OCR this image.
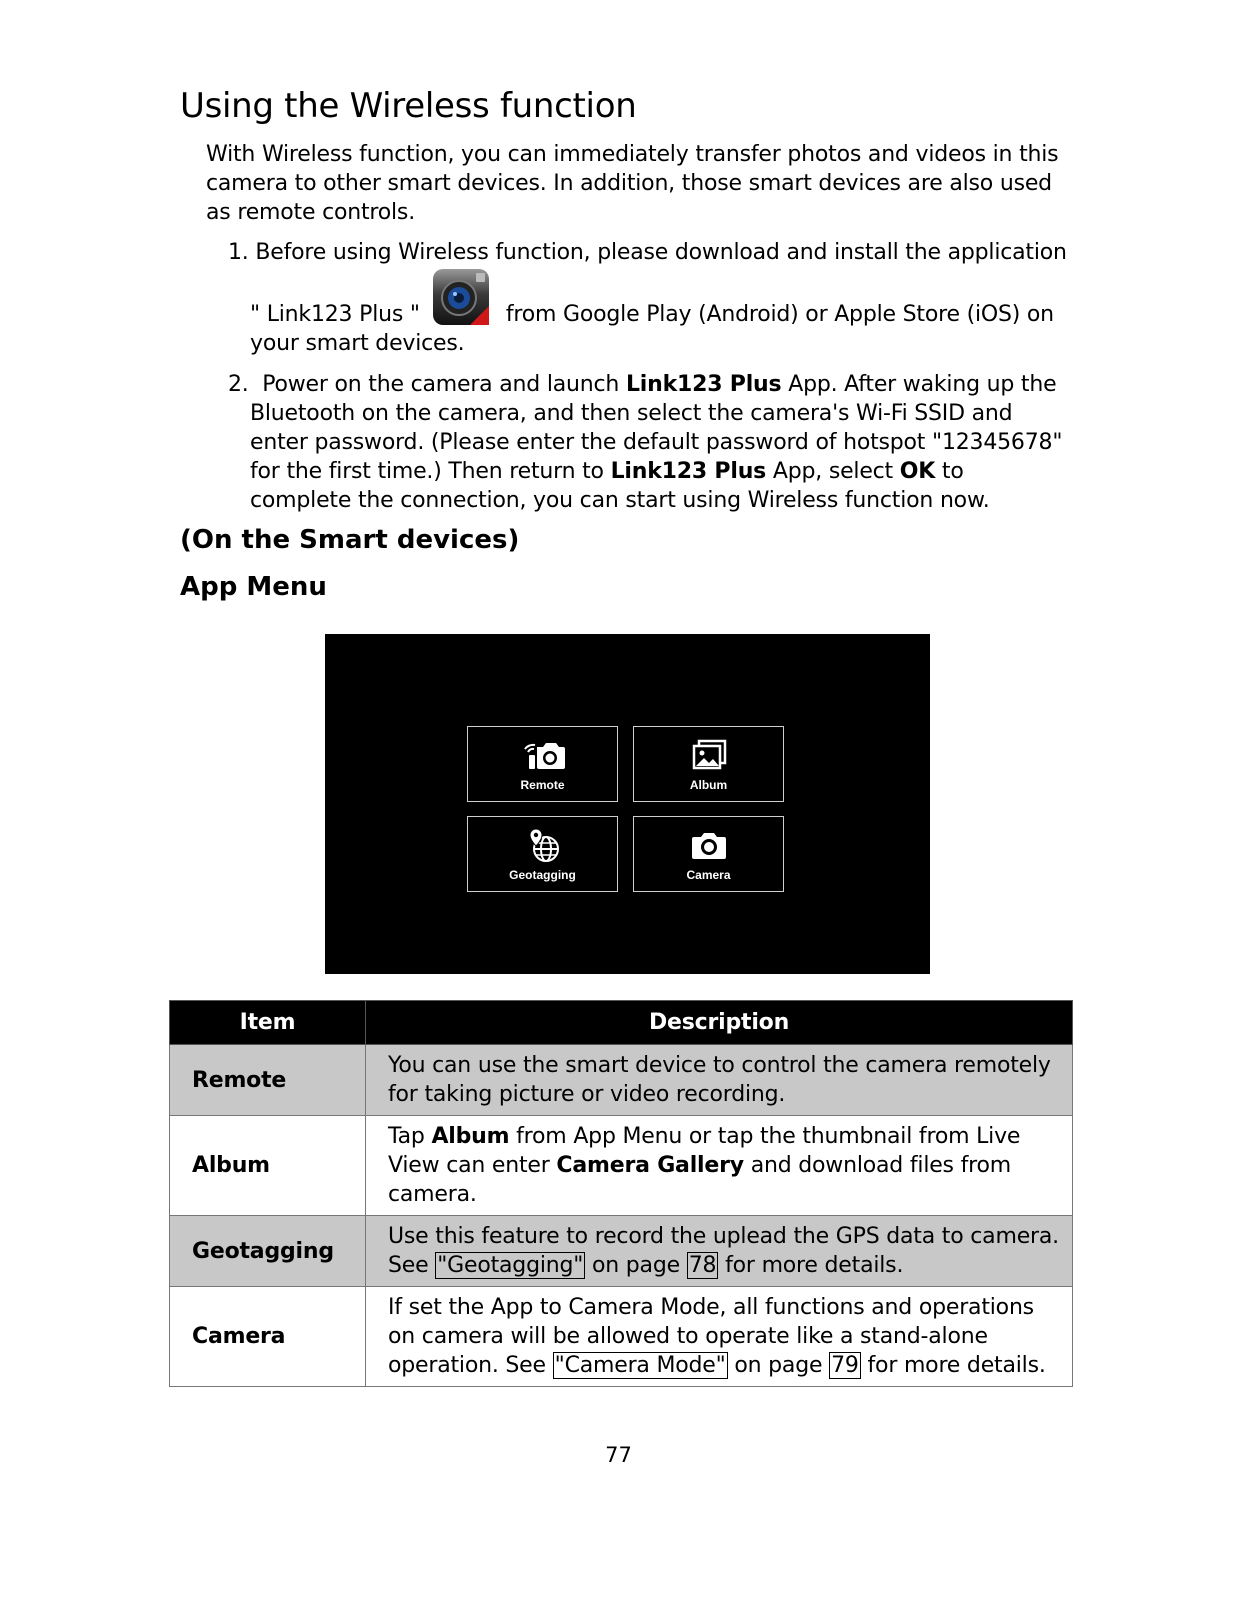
Using the Wireless function

With Wireless function, you can immediately transfer photos and videos in this camera to other smart devices. In addition, those smart devices are also used as remote controls.

1. Before using Wireless function, please download and install the application
" Link123 Plus "	from Google Play (Android) or Apple Store (iOS) on
your smart devices.
2. Power on the camera and launch Link123 Plus App. After waking up the
Bluetooth on the camera, and then select the camera's Wi-Fi SSID and enter password. (Please enter the default password of hotspot "12345678" for the first time.) Then return to Link123 Plus App, select OK to complete the connection, you can start using Wireless function now.
(On the Smart devices)
App Menu
Remote	Album
Geotagging	Camera
Item	Description
Remote	You can use the smart device to control the camera remotely for taking picture or video recording.
Album	Tap Album from App Menu or tap the thumbnail from Live View can enter Camera Gallery and download files from camera.
Geotagging	Use this feature to record the uplead the GPS data to camera. See "Geotagging" on page 78 for more details.
Camera	If set the App to Camera Mode, all functions and operations on camera will be allowed to operate like a stand-alone operation. See "Camera Mode" on page 79 for more details.
77
